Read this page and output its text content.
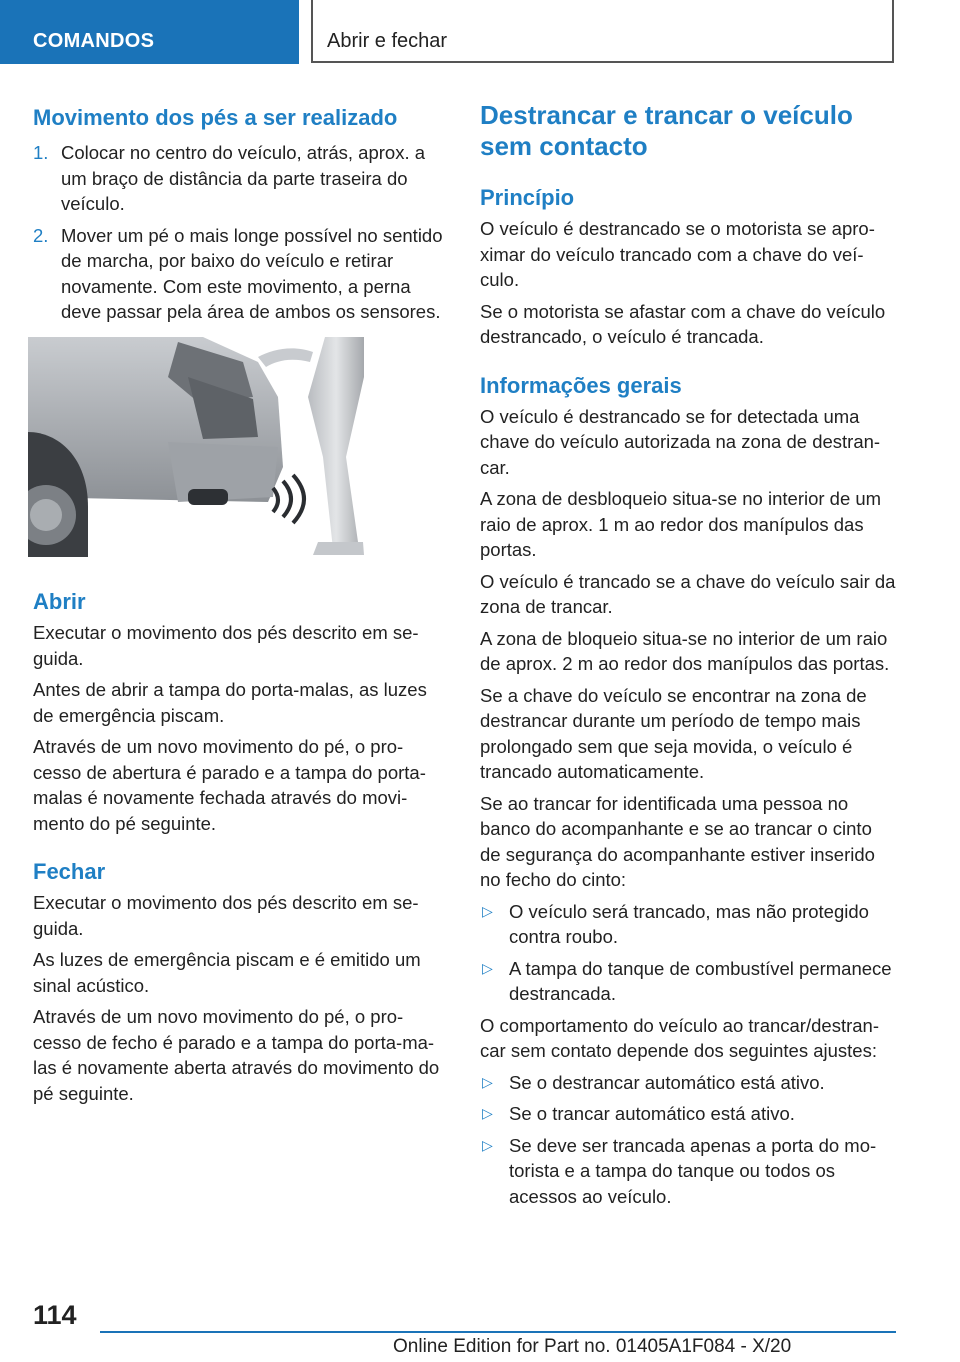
COMANDOS	Abrir e fechar
Movimento dos pés a ser realizado
1. Colocar no centro do veículo, atrás, aprox. a um braço de distância da parte traseira do veículo.
2. Mover um pé o mais longe possível no sentido de marcha, por baixo do veículo e retirar novamente. Com este movimento, a perna deve passar pela área de ambos os sensores.
Abrir

Executar o movimento dos pés descrito em seguida.

Antes de abrir a tampa do porta-malas, as luzes de emergência piscam.

Através de um novo movimento do pé, o processo de abertura é parado e a tampa do porta-malas é novamente fechada através do movimento do pé seguinte.

Fechar

Executar o movimento dos pés descrito em seguida.

As luzes de emergência piscam e é emitido um sinal acústico.

Através de um novo movimento do pé, o processo de fecho é parado e a tampa do porta-malas é novamente aberta através do movimento do pé seguinte.

Destrancar e trancar o veículo sem contacto
Princípio

O veículo é destrancado se o motorista se aproximar do veículo trancado com a chave do veículo.

Se o motorista se afastar com a chave do veículo destrancado, o veículo é trancada.

Informações gerais

O veículo é destrancado se for detectada uma chave do veículo autorizada na zona de destrancar.

A zona de desbloqueio situa-se no interior de um raio de aprox. 1 m ao redor dos manípulos das portas.

O veículo é trancado se a chave do veículo sair da zona de trancar.

A zona de bloqueio situa-se no interior de um raio de aprox. 2 m ao redor dos manípulos das portas.

Se a chave do veículo se encontrar na zona de destrancar durante um período de tempo mais prolongado sem que seja movida, o veículo é trancado automaticamente.

Se ao trancar for identificada uma pessoa no banco do acompanhante e se ao trancar o cinto de segurança do acompanhante estiver inserido no fecho do cinto:

▷ O veículo será trancado, mas não protegido contra roubo.
▷ A tampa do tanque de combustível permanece destrancada.

O comportamento do veículo ao trancar/destrancar sem contato depende dos seguintes ajustes:

▷ Se o destrancar automático está ativo.
▷ Se o trancar automático está ativo.
▷ Se deve ser trancada apenas a porta do motorista e a tampa do tanque ou todos os acessos ao veículo.
114
Online Edition for Part no. 01405A1F084 - X/20
